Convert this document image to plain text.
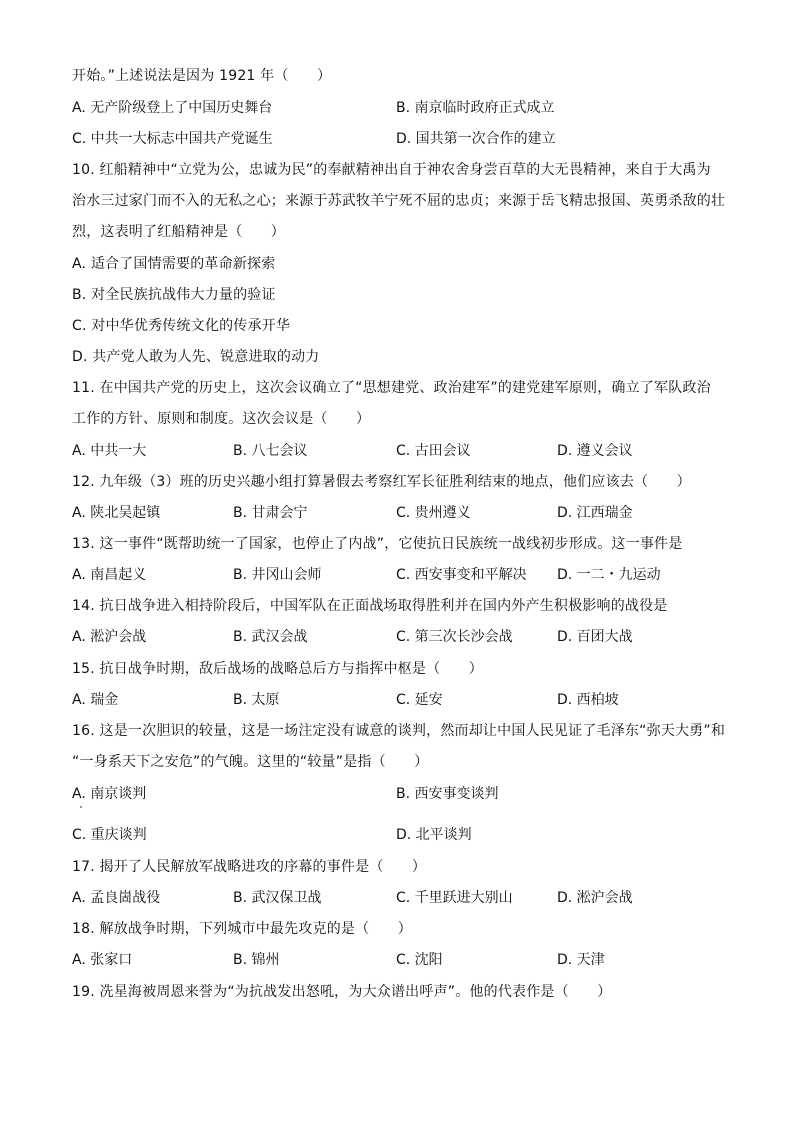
开始。”上述说法是因为 1921 年（　　）
A. 无产阶级登上了中国历史舞台	B. 南京临时政府正式成立
C. 中共一大标志中国共产党诞生	D. 国共第一次合作的建立
10. 红船精神中“立党为公，忠诚为民”的奉献精神出自于神农舍身尝百草的大无畏精神，来自于大禹为
治水三过家门而不入的无私之心；来源于苏武牧羊宁死不屈的忠贞；来源于岳飞精忠报国、英勇杀敌的壮
烈，这表明了红船精神是（　　）
A. 适合了国情需要的革命新探索
B. 对全民族抗战伟大力量的验证
C. 对中华优秀传统文化的传承开华
D. 共产党人敢为人先、锐意进取的动力
11. 在中国共产党的历史上，这次会议确立了“思想建党、政治建军”的建党建军原则，确立了军队政治
工作的方针、原则和制度。这次会议是（　　）
A. 中共一大	B. 八七会议	C. 古田会议	D. 遵义会议
12. 九年级（3）班的历史兴趣小组打算暑假去考察红军长征胜利结束的地点，他们应该去（　　）
A. 陕北吴起镇	B. 甘肃会宁	C. 贵州遵义	D. 江西瑞金
13. 这一事件“既帮助统一了国家，也停止了内战”，它使抗日民族统一战线初步形成。这一事件是
A. 南昌起义	B. 井冈山会师	C. 西安事变和平解决 D. 一二・九运动
14. 抗日战争进入相持阶段后，中国军队在正面战场取得胜利并在国内外产生积极影响的战役是
A. 淞沪会战	B. 武汉会战	C. 第三次长沙会战	D. 百团大战
15. 抗日战争时期，敌后战场的战略总后方与指挥中枢是（　　）
A. 瑞金	B. 太原	C. 延安	D. 西柏坡
16. 这是一次胆识的较量，这是一场注定没有诚意的谈判，然而却让中国人民见证了毛泽东“弥天大勇”和
“一身系天下之安危”的气魄。这里的“较量”是指（　　）
A. 南京谈判	B. 西安事变谈判
C. 重庆谈判	D. 北平谈判
17. 揭开了人民解放军战略进攻的序幕的事件是（　　）
A. 孟良崮战役	B. 武汉保卫战	C. 千里跃进大别山	D. 淞沪会战
18. 解放战争时期，下列城市中最先攻克的是（　　）
A. 张家口	B. 锦州	C. 沈阳	D. 天津
19. 冼星海被周恩来誉为“为抗战发出怒吼，为大众谱出呼声”。他的代表作是（　　）
